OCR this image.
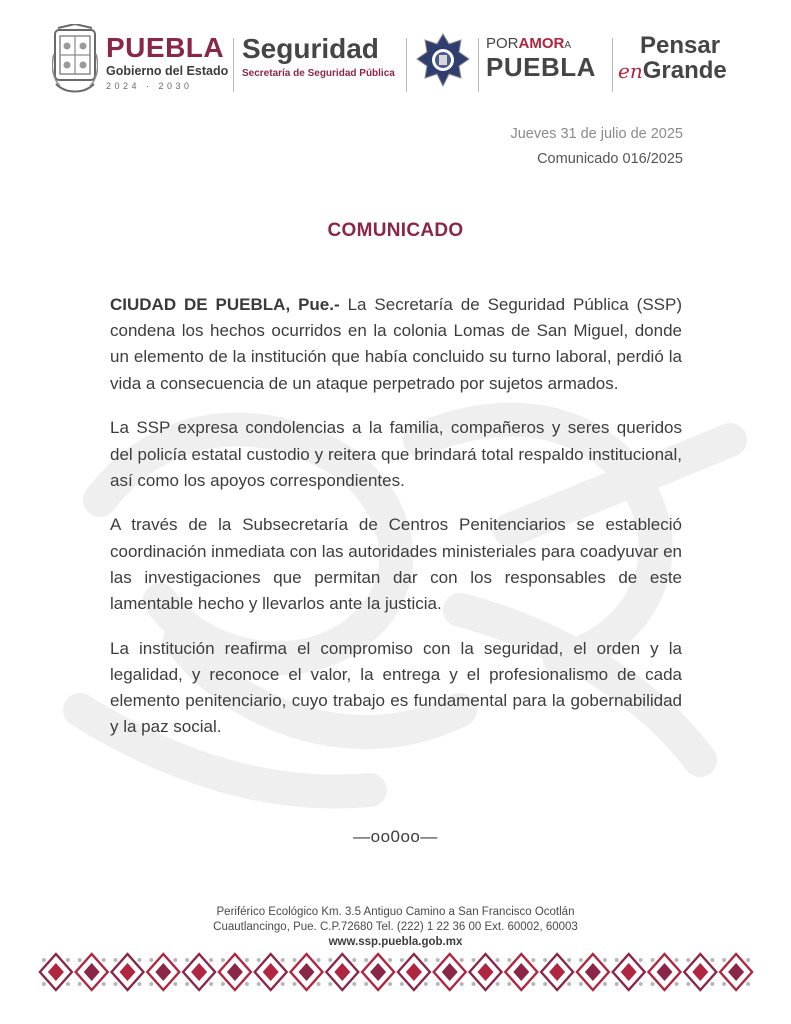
PUEBLA
Gobierno del Estado
2024 · 2030
Seguridad
Secretaría de Seguridad Pública
PORAMORA
PUEBLA
Pensar
enGrande
Jueves 31 de julio de 2025
Comunicado 016/2025
COMUNICADO

CIUDAD DE PUEBLA, Pue.- La Secretaría de Seguridad Pública (SSP) condena los hechos ocurridos en la colonia Lomas de San Miguel, donde un elemento de la institución que había concluido su turno laboral, perdió la vida a consecuencia de un ataque perpetrado por sujetos armados.

La SSP expresa condolencias a la familia, compañeros y seres queridos del policía estatal custodio y reitera que brindará total respaldo institucional, así como los apoyos correspondientes.

A través de la Subsecretaría de Centros Penitenciarios se estableció coordinación inmediata con las autoridades ministeriales para coadyuvar en las investigaciones que permitan dar con los responsables de este lamentable hecho y llevarlos ante la justicia.

La institución reafirma el compromiso con la seguridad, el orden y la legalidad, y reconoce el valor, la entrega y el profesionalismo de cada elemento penitenciario, cuyo trabajo es fundamental para la gobernabilidad y la paz social.

—oo0oo—
Periférico Ecológico Km. 3.5 Antiguo Camino a San Francisco Ocotlán
Cuautlancingo, Pue. C.P.72680 Tel. (222) 1 22 36 00 Ext. 60002, 60003
www.ssp.puebla.gob.mx
